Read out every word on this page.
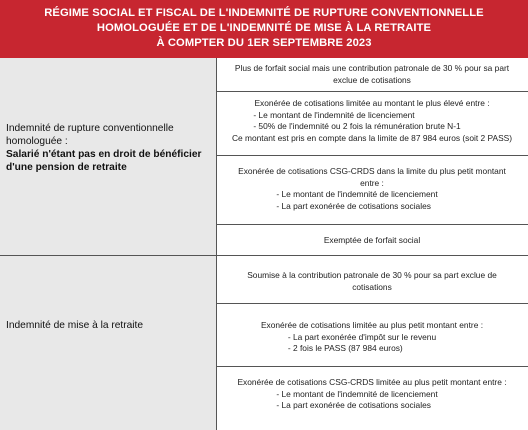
RÉGIME SOCIAL ET FISCAL DE L'INDEMNITÉ DE RUPTURE CONVENTIONNELLE
HOMOLOGUÉE ET DE L'INDEMNITÉ DE MISE À LA RETRAITE
À COMPTER DU 1ER SEPTEMBRE 2023
Indemnité de rupture conventionnelle
homologuée :
Salarié n'étant pas en droit de bénéficier
d'une pension de retraite
Indemnité de mise à la retraite
Plus de forfait social mais une contribution patronale de 30 % pour sa part
exclue de cotisations
Exonérée de cotisations limitée au montant le plus élevé entre :
- Le montant de l'indemnité de licenciement
- 50% de l'indemnité ou 2 fois la rémunération brute N-1
Ce montant est pris en compte dans la limite de 87 984 euros (soit 2 PASS)
Exonérée de cotisations CSG-CRDS dans la limite du plus petit montant
entre :
- Le montant de l'indemnité de licenciement
- La part exonérée de cotisations sociales
Exemptée de forfait social
Soumise à la contribution patronale de 30 % pour sa part exclue de
cotisations
Exonérée de cotisations limitée au plus petit montant entre :
- La part exonérée d'impôt sur le revenu
- 2 fois le PASS (87 984 euros)
Exonérée de cotisations CSG-CRDS limitée au plus petit montant entre :
- Le montant de l'indemnité de licenciement
- La part exonérée de cotisations sociales
